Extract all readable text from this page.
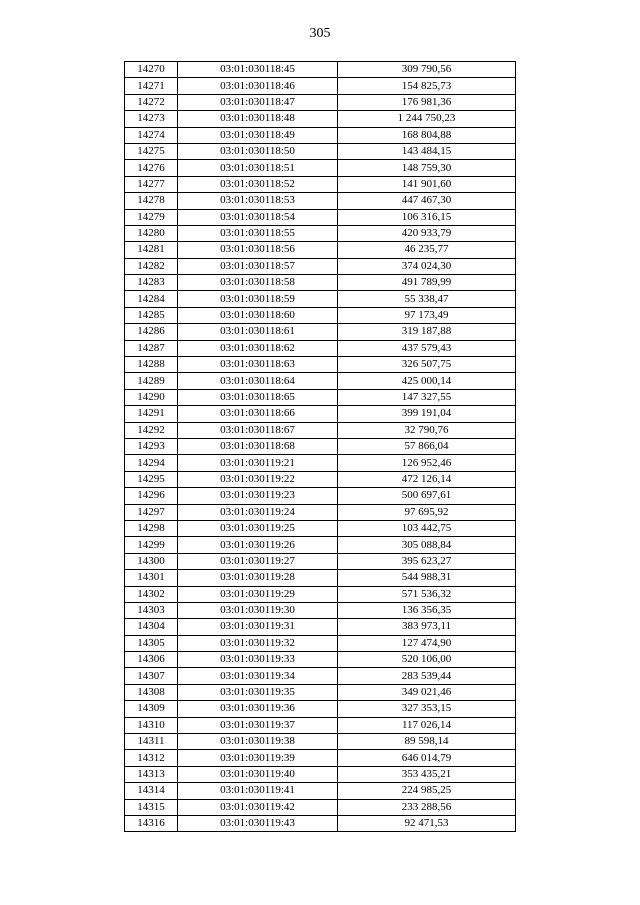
305
14270	03:01:030118:45	309 790,56
14271	03:01:030118:46	154 825,73
14272	03:01:030118:47	176 981,36
14273	03:01:030118:48	1 244 750,23
14274	03:01:030118:49	168 804,88
14275	03:01:030118:50	143 484,15
14276	03:01:030118:51	148 759,30
14277	03:01:030118:52	141 901,60
14278	03:01:030118:53	447 467,30
14279	03:01:030118:54	106 316,15
14280	03:01:030118:55	420 933,79
14281	03:01:030118:56	46 235,77
14282	03:01:030118:57	374 024,30
14283	03:01:030118:58	491 789,99
14284	03:01:030118:59	55 338,47
14285	03:01:030118:60	97 173,49
14286	03:01:030118:61	319 187,88
14287	03:01:030118:62	437 579,43
14288	03:01:030118:63	326 507,75
14289	03:01:030118:64	425 000,14
14290	03:01:030118:65	147 327,55
14291	03:01:030118:66	399 191,04
14292	03:01:030118:67	32 790,76
14293	03:01:030118:68	57 866,04
14294	03:01:030119:21	126 952,46
14295	03:01:030119:22	472 126,14
14296	03:01:030119:23	500 697,61
14297	03:01:030119:24	97 695,92
14298	03:01:030119:25	103 442,75
14299	03:01:030119:26	305 088,84
14300	03:01:030119:27	395 623,27
14301	03:01:030119:28	544 988,31
14302	03:01:030119:29	571 536,32
14303	03:01:030119:30	136 356,35
14304	03:01:030119:31	383 973,11
14305	03:01:030119:32	127 474,90
14306	03:01:030119:33	520 106,00
14307	03:01:030119:34	283 539,44
14308	03:01:030119:35	349 021,46
14309	03:01:030119:36	327 353,15
14310	03:01:030119:37	117 026,14
14311	03:01:030119:38	89 598,14
14312	03:01:030119:39	646 014,79
14313	03:01:030119:40	353 435,21
14314	03:01:030119:41	224 985,25
14315	03:01:030119:42	233 288,56
14316	03:01:030119:43	92 471,53
